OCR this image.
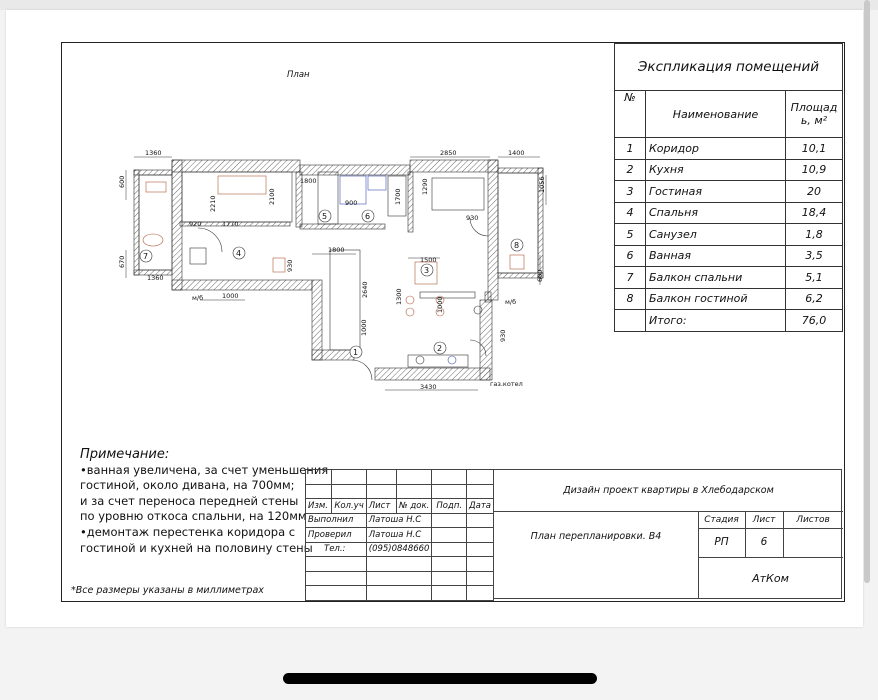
План
1360	2850	1400
600
2210	2100
1770
920
1800
900	1700
1290
930
1056
670
1360
1000
930
1800
1500
2640	1300
1000	930
3430
600
1000
м/б	м/б
газ.котел
1	2
3
4
5	6
7
8
Экспликация помещений		
№	Наименование	Площад ь, м²
1	Коридор	10,1
2	Кухня	10,9
3	Гостиная	20
4	Спальня	18,4
5	Санузел	1,8
6	Ванная	3,5
7	Балкон спальни	5,1
8	Балкон гостиной	6,2
	Итого:	76,0
Примечание:
•ванная увеличена, за счет уменьшения
гостиной, около дивана, на 700мм;
и за счет переноса передней стены
по уровню откоса спальни, на 120мм
•демонтаж перестенка коридора с
гостиной и кухней на половину стены
*Все размеры указаны в миллиметрах

Изм.	Кол.уч	Лист	№ док.	Подп.	Дата
Выполнил		Латоша Н.С			
Проверил		Латоша Н.С			
Тел.:		(095)0848660			

Дизайн проект квартиры в Хлебодарском
План перепланировки. В4
Стадия	Лист	Листов
РП	6
АтКом
